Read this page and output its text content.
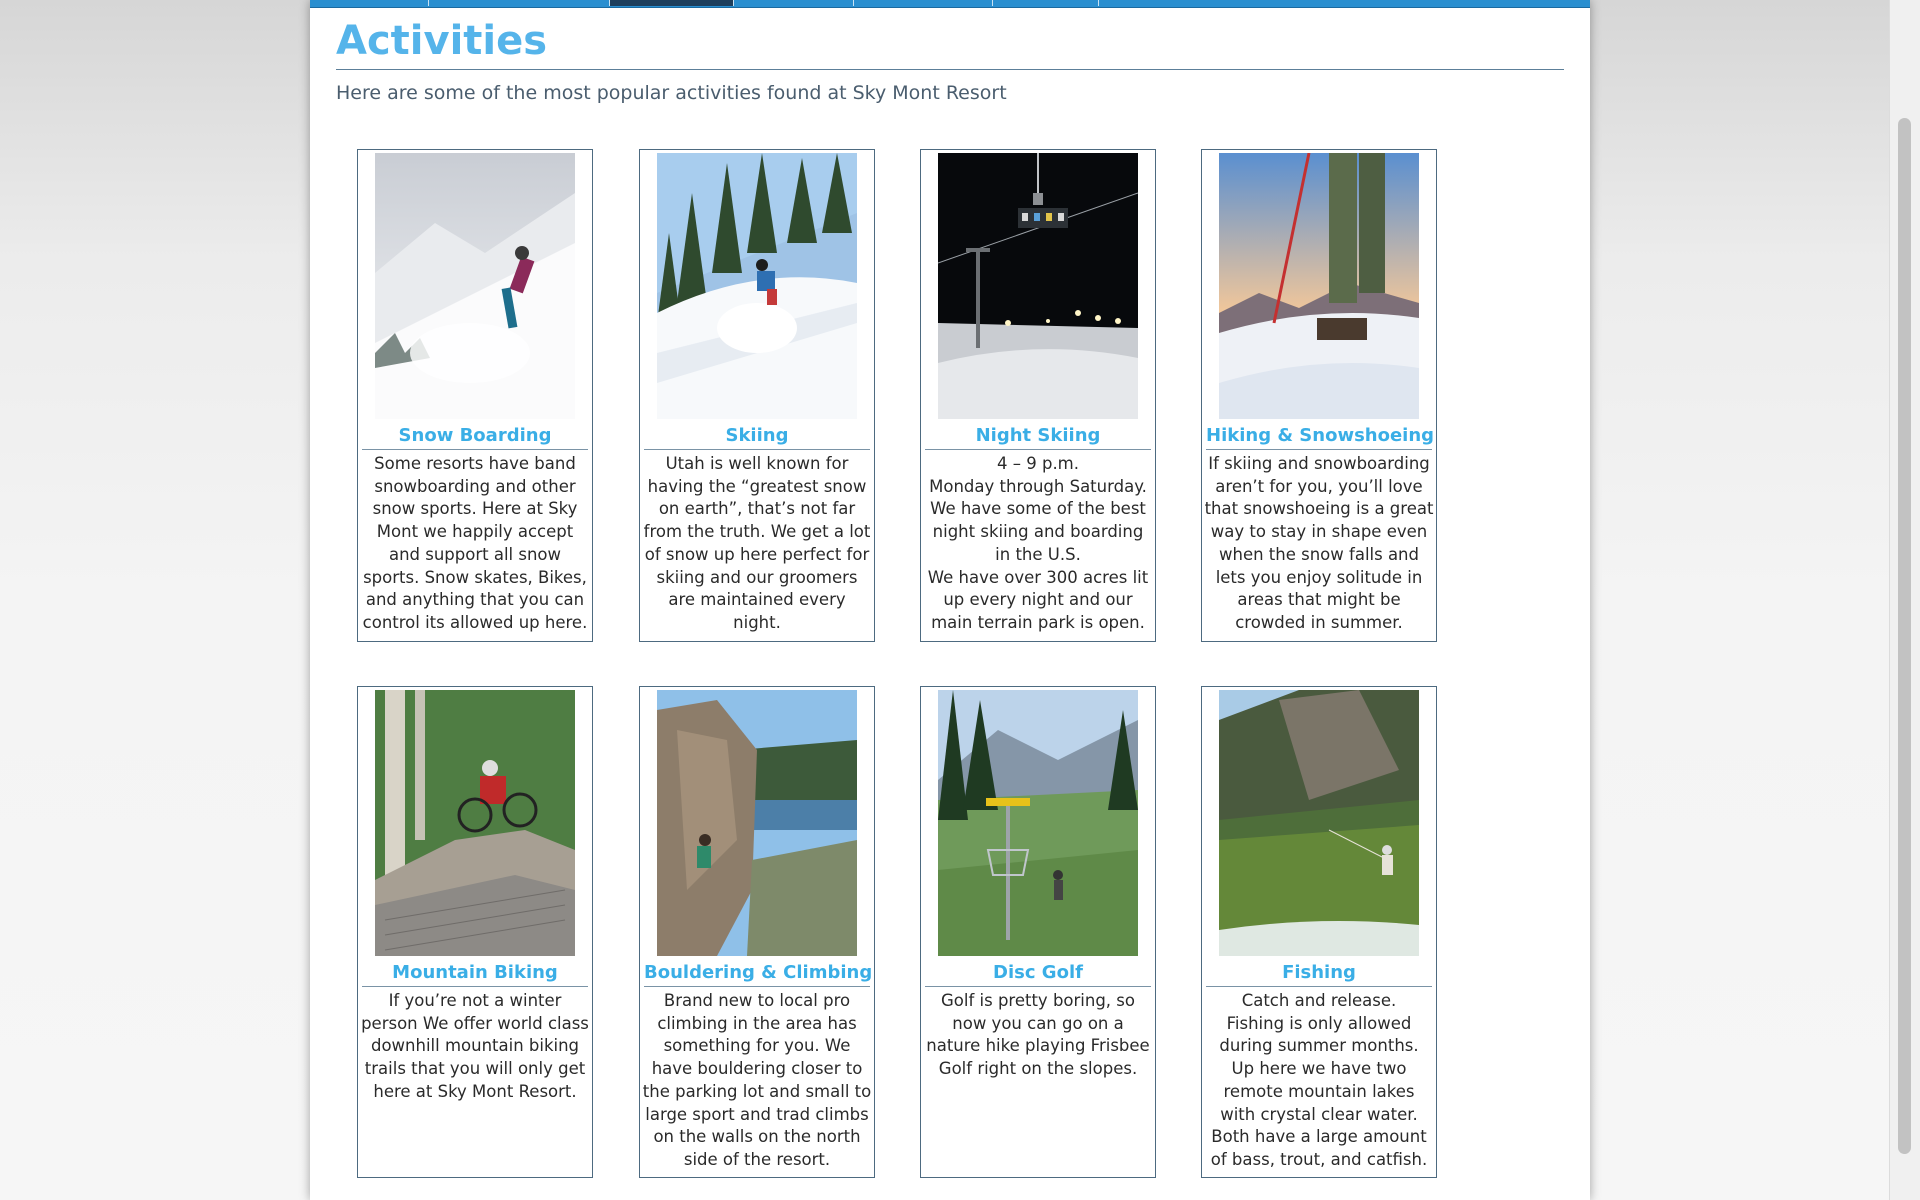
Activities

Here are some of the most popular activities found at Sky Mont Resort

Snow Boarding
Some resorts have band snowboarding and other snow sports. Here at Sky Mont we happily accept and support all snow sports. Snow skates, Bikes, and anything that you can control its allowed up here.
Skiing
Utah is well known for having the “greatest snow on earth”, that’s not far from the truth. We get a lot of snow up here perfect for skiing and our groomers are maintained every night.
Night Skiing
4 – 9 p.m.
Monday through Saturday.
We have some of the best night skiing and boarding in the U.S.
We have over 300 acres lit up every night and our main terrain park is open.
Hiking & Snowshoeing
If skiing and snowboarding aren’t for you, you’ll love that snowshoeing is a great way to stay in shape even when the snow falls and lets you enjoy solitude in areas that might be crowded in summer.
Mountain Biking
If you’re not a winter person We offer world class downhill mountain biking trails that you will only get here at Sky Mont Resort.
Bouldering & Climbing
Brand new to local pro climbing in the area has something for you. We have bouldering closer to the parking lot and small to large sport and trad climbs on the walls on the north side of the resort.
Disc Golf
Golf is pretty boring, so now you can go on a nature hike playing Frisbee Golf right on the slopes.
Fishing
Catch and release.
Fishing is only allowed during summer months.
Up here we have two remote mountain lakes with crystal clear water.
Both have a large amount of bass, trout, and catfish.
